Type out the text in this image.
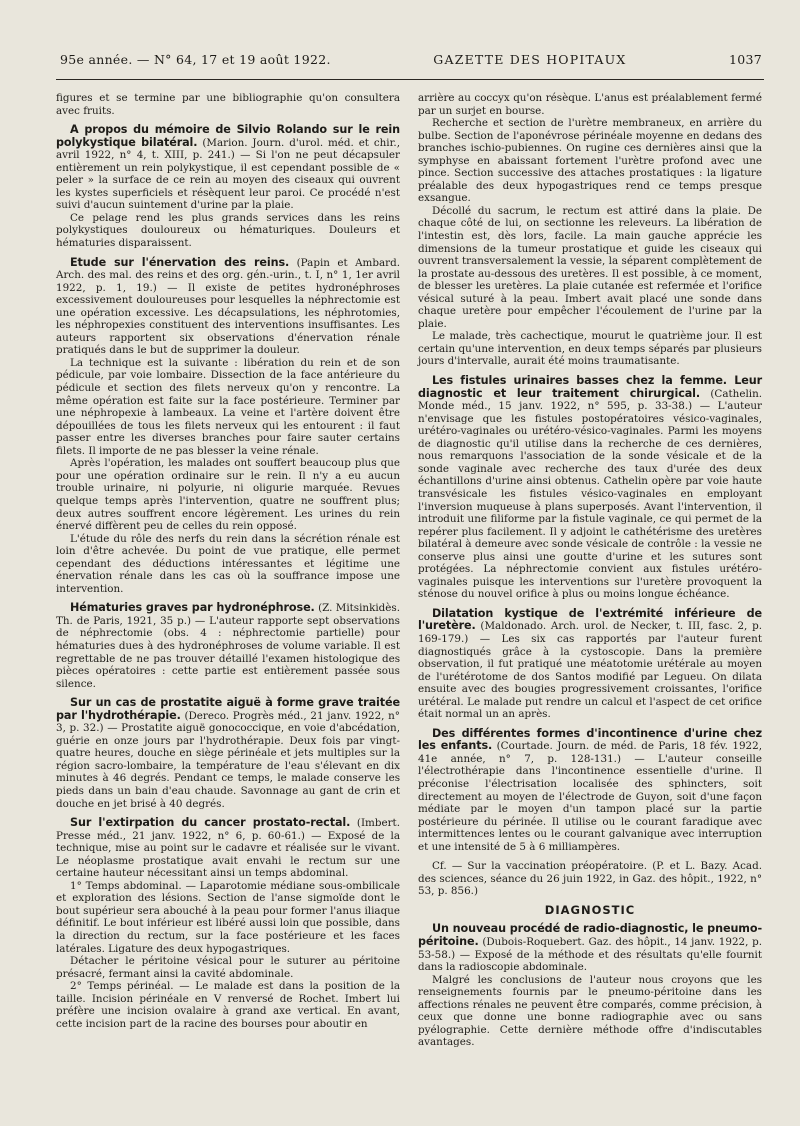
95e année. — N° 64, 17 et 19 août 1922.	GAZETTE DES HOPITAUX	1037

figures et se termine par une bibliographie qu'on consultera avec fruits.

A propos du mémoire de Silvio Rolando sur le rein polykystique bilatéral. (Marion. Journ. d'urol. méd. et chir., avril 1922, n° 4, t. XIII, p. 241.) — Si l'on ne peut décapsuler entièrement un rein polykystique, il est cependant possible de « peler » la surface de ce rein au moyen des ciseaux qui ouvrent les kystes superficiels et résèquent leur paroi. Ce procédé n'est suivi d'aucun suintement d'urine par la plaie.

Ce pelage rend les plus grands services dans les reins polykystiques douloureux ou hématuriques. Douleurs et hématuries disparaissent.

Etude sur l'énervation des reins. (Papin et Ambard. Arch. des mal. des reins et des org. gén.-urin., t. I, n° 1, 1er avril 1922, p. 1, 19.) — Il existe de petites hydronéphroses excessivement douloureuses pour lesquelles la néphrectomie est une opération excessive. Les décapsulations, les néphrotomies, les néphropexies constituent des interventions insuffisantes. Les auteurs rapportent six observations d'énervation rénale pratiqués dans le but de supprimer la douleur.

La technique est la suivante : libération du rein et de son pédicule, par voie lombaire. Dissection de la face antérieure du pédicule et section des filets nerveux qu'on y rencontre. La même opération est faite sur la face postérieure. Terminer par une néphropexie à lambeaux. La veine et l'artère doivent être dépouillées de tous les filets nerveux qui les entourent : il faut passer entre les diverses branches pour faire sauter certains filets. Il importe de ne pas blesser la veine rénale.

Après l'opération, les malades ont souffert beaucoup plus que pour une opération ordinaire sur le rein. Il n'y a eu aucun trouble urinaire, ni polyurie, ni oligurie marquée. Revues quelque temps après l'intervention, quatre ne souffrent plus; deux autres souffrent encore légèrement. Les urines du rein énervé diffèrent peu de celles du rein opposé.

L'étude du rôle des nerfs du rein dans la sécrétion rénale est loin d'être achevée. Du point de vue pratique, elle permet cependant des déductions intéressantes et légitime une énervation rénale dans les cas où la souffrance impose une intervention.

Hématuries graves par hydronéphrose. (Z. Mitsinkidès. Th. de Paris, 1921, 35 p.) — L'auteur rapporte sept observations de néphrectomie (obs. 4 : néphrectomie partielle) pour hématuries dues à des hydronéphroses de volume variable. Il est regrettable de ne pas trouver détaillé l'examen histologique des pièces opératoires : cette partie est entièrement passée sous silence.

Sur un cas de prostatite aiguë à forme grave traitée par l'hydrothérapie. (Dereco. Progrès méd., 21 janv. 1922, n° 3, p. 32.) — Prostatite aiguë gonococcique, en voie d'abcédation, guérie en onze jours par l'hydrothérapie. Deux fois par vingt-quatre heures, douche en siège périnéale et jets multiples sur la région sacro-lombaire, la température de l'eau s'élevant en dix minutes à 46 degrés. Pendant ce temps, le malade conserve les pieds dans un bain d'eau chaude. Savonnage au gant de crin et douche en jet brisé à 40 degrés.

Sur l'extirpation du cancer prostato-rectal. (Imbert. Presse méd., 21 janv. 1922, n° 6, p. 60-61.) — Exposé de la technique, mise au point sur le cadavre et réalisée sur le vivant. Le néoplasme prostatique avait envahi le rectum sur une certaine hauteur nécessitant ainsi un temps abdominal.

1° Temps abdominal. — Laparotomie médiane sous-ombilicale et exploration des lésions. Section de l'anse sigmoïde dont le bout supérieur sera abouché à la peau pour former l'anus iliaque définitif. Le bout inférieur est libéré aussi loin que possible, dans la direction du rectum, sur la face postérieure et les faces latérales. Ligature des deux hypogastriques.

Détacher le péritoine vésical pour le suturer au péritoine présacré, fermant ainsi la cavité abdominale.

2° Temps périnéal. — Le malade est dans la position de la taille. Incision périnéale en V renversé de Rochet. Imbert lui préfère une incision ovalaire à grand axe vertical. En avant, cette incision part de la racine des bourses pour aboutir en

arrière au coccyx qu'on résèque. L'anus est préalablement fermé par un surjet en bourse.

Recherche et section de l'urètre membraneux, en arrière du bulbe. Section de l'aponévrose périnéale moyenne en dedans des branches ischio-pubiennes. On rugine ces dernières ainsi que la symphyse en abaissant fortement l'urètre profond avec une pince. Section successive des attaches prostatiques : la ligature préalable des deux hypogastriques rend ce temps presque exsangue.

Décollé du sacrum, le rectum est attiré dans la plaie. De chaque côté de lui, on sectionne les releveurs. La libération de l'intestin est, dès lors, facile. La main gauche apprécie les dimensions de la tumeur prostatique et guide les ciseaux qui ouvrent transversalement la vessie, la séparent complètement de la prostate au-dessous des uretères. Il est possible, à ce moment, de blesser les uretères. La plaie cutanée est refermée et l'orifice vésical suturé à la peau. Imbert avait placé une sonde dans chaque uretère pour empêcher l'écoulement de l'urine par la plaie.

Le malade, très cachectique, mourut le quatrième jour. Il est certain qu'une intervention, en deux temps séparés par plusieurs jours d'intervalle, aurait été moins traumatisante.

Les fistules urinaires basses chez la femme. Leur diagnostic et leur traitement chirurgical. (Cathelin. Monde méd., 15 janv. 1922, n° 595, p. 33-38.) — L'auteur n'envisage que les fistules postopératoires vésico-vaginales, urétéro-vaginales ou urétéro-vésico-vaginales. Parmi les moyens de diagnostic qu'il utilise dans la recherche de ces dernières, nous remarquons l'association de la sonde vésicale et de la sonde vaginale avec recherche des taux d'urée des deux échantillons d'urine ainsi obtenus. Cathelin opère par voie haute transvésicale les fistules vésico-vaginales en employant l'inversion muqueuse à plans superposés. Avant l'intervention, il introduit une filiforme par la fistule vaginale, ce qui permet de la repérer plus facilement. Il y adjoint le cathétérisme des uretères bilatéral à demeure avec sonde vésicale de contrôle : la vessie ne conserve plus ainsi une goutte d'urine et les sutures sont protégées. La néphrectomie convient aux fistules urétéro-vaginales puisque les interventions sur l'uretère provoquent la sténose du nouvel orifice à plus ou moins longue échéance.

Dilatation kystique de l'extrémité inférieure de l'uretère. (Maldonado. Arch. urol. de Necker, t. III, fasc. 2, p. 169-179.) — Les six cas rapportés par l'auteur furent diagnostiqués grâce à la cystoscopie. Dans la première observation, il fut pratiqué une méatotomie urétérale au moyen de l'urétérotome de dos Santos modifié par Legueu. On dilata ensuite avec des bougies progressivement croissantes, l'orifice urétéral. Le malade put rendre un calcul et l'aspect de cet orifice était normal un an après.

Des différentes formes d'incontinence d'urine chez les enfants. (Courtade. Journ. de méd. de Paris, 18 fév. 1922, 41e année, n° 7, p. 128-131.) — L'auteur conseille l'électrothérapie dans l'incontinence essentielle d'urine. Il préconise l'électrisation localisée des sphincters, soit directement au moyen de l'électrode de Guyon, soit d'une façon médiate par le moyen d'un tampon placé sur la partie postérieure du périnée. Il utilise ou le courant faradique avec intermittences lentes ou le courant galvanique avec interruption et une intensité de 5 à 6 milliampères.

Cf. — Sur la vaccination préopératoire. (P. et L. Bazy. Acad. des sciences, séance du 26 juin 1922, in Gaz. des hôpit., 1922, n° 53, p. 856.)

DIAGNOSTIC

Un nouveau procédé de radio-diagnostic, le pneumo-péritoine. (Dubois-Roquebert. Gaz. des hôpit., 14 janv. 1922, p. 53-58.) — Exposé de la méthode et des résultats qu'elle fournit dans la radioscopie abdominale.

Malgré les conclusions de l'auteur nous croyons que les renseignements fournis par le pneumo-péritoine dans les affections rénales ne peuvent être comparés, comme précision, à ceux que donne une bonne radiographie avec ou sans pyélographie. Cette dernière méthode offre d'indiscutables avantages.
